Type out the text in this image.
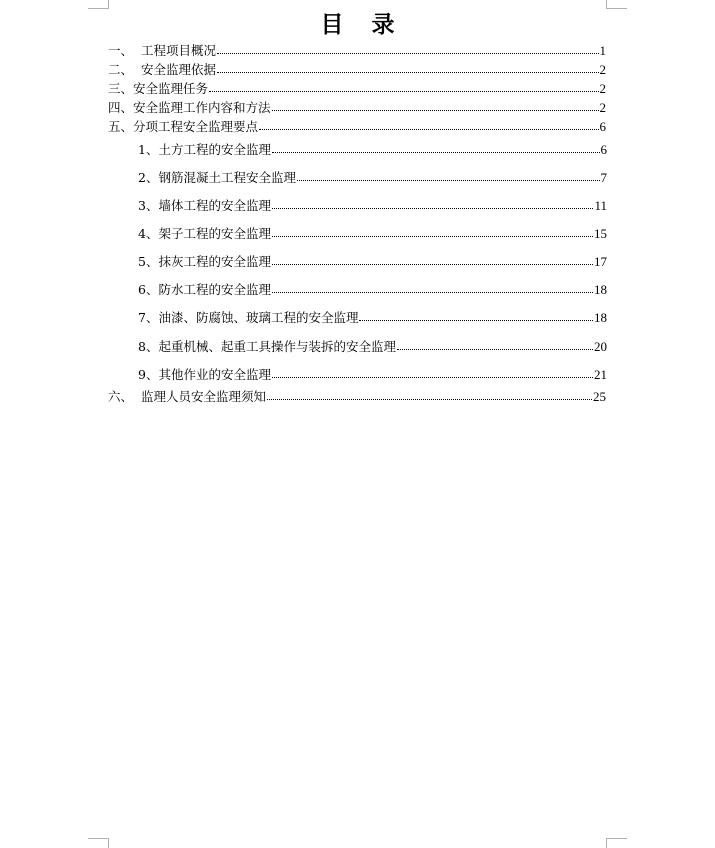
目 录
一、 工程项目概况	1
二、 安全监理依据	2
三、 安全监理任务	2
四、 安全监理工作内容和方法	2
五、 分项工程安全监理要点	6
1、 土方工程的安全监理	6
2、 钢筋混凝土工程安全监理	7
3、 墙体工程的安全监理	11
4、 架子工程的安全监理	15
5、 抹灰工程的安全监理	17
6、 防水工程的安全监理	18
7、 油漆、防腐蚀、玻璃工程的安全监理	18
8、 起重机械、起重工具操作与装拆的安全监理	20
9、 其他作业的安全监理	21
六、 监理人员安全监理须知	25
